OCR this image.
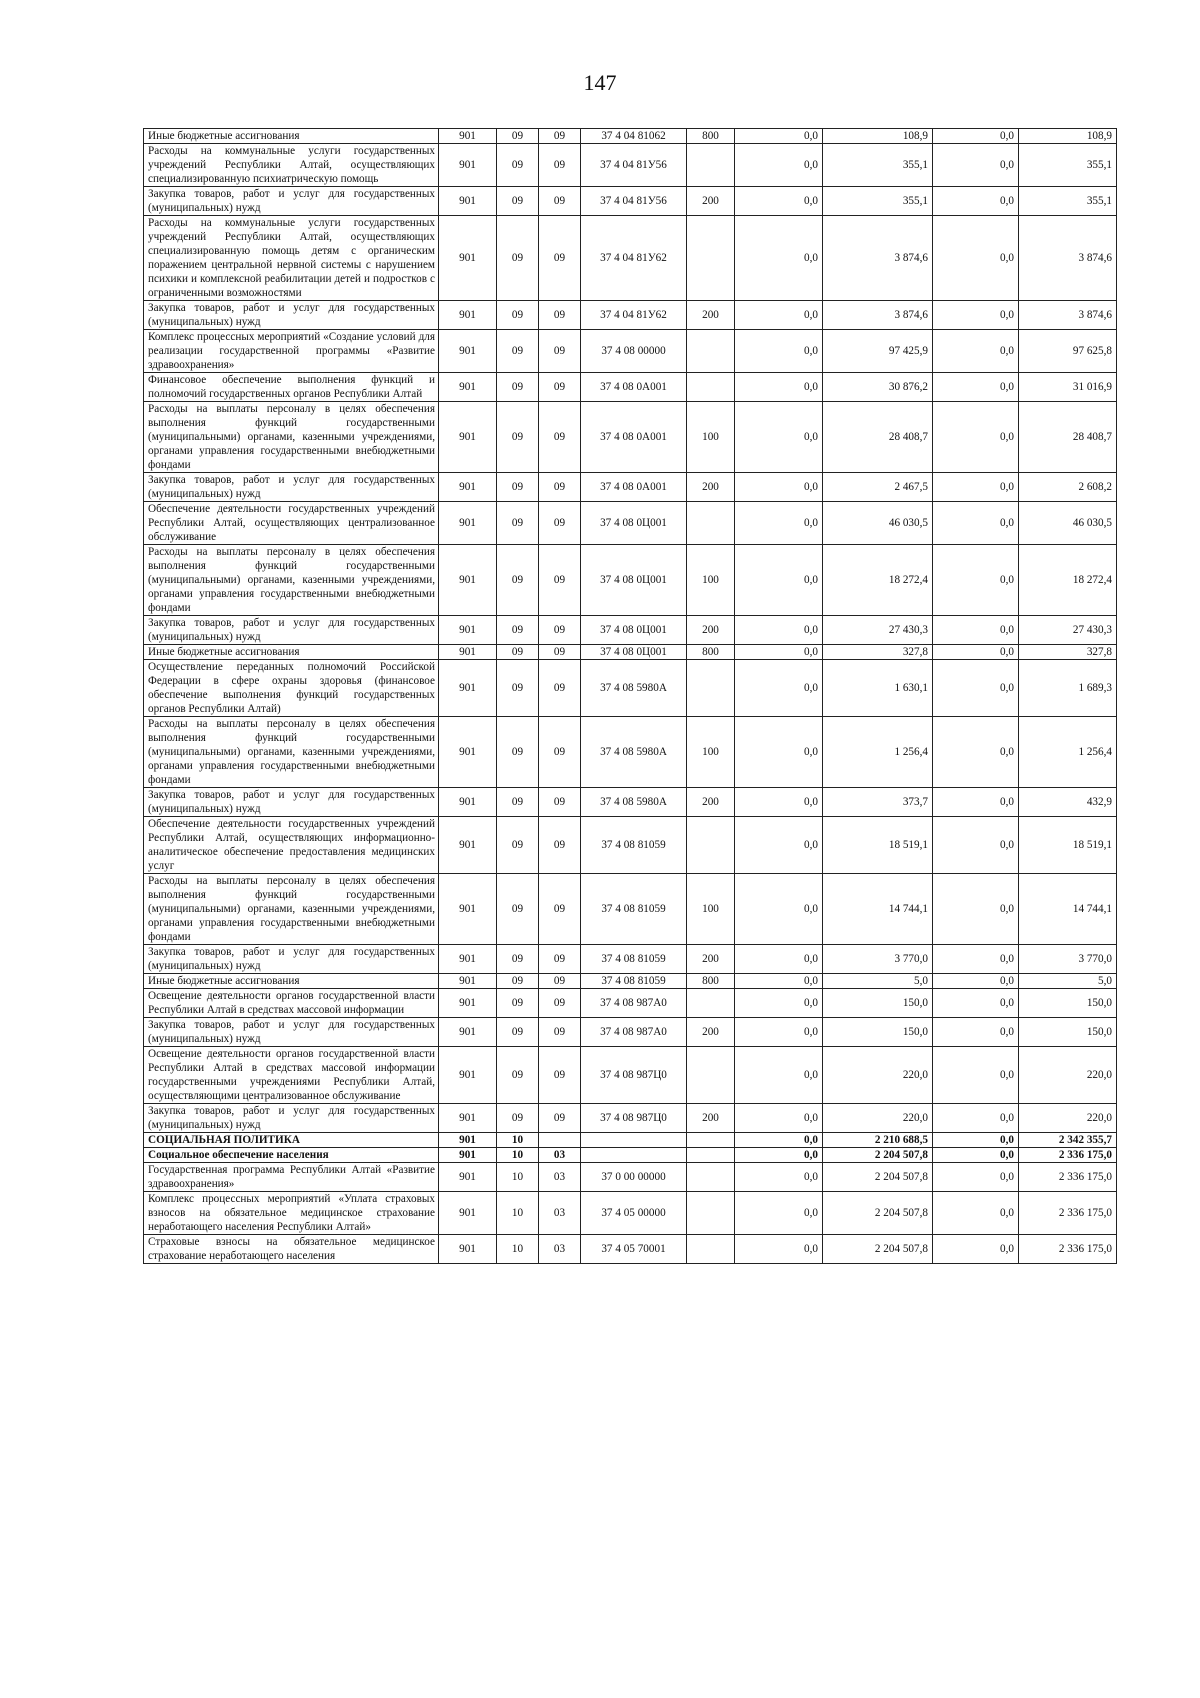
147
Иные бюджетные ассигнования	901	09	09	37 4 04 81062	800	0,0	108,9	0,0	108,9
Расходы на коммунальные услуги государственных учреждений Республики Алтай, осуществляющих специализированную психиатрическую помощь	901	09	09	37 4 04 81У56		0,0	355,1	0,0	355,1
Закупка товаров, работ и услуг для государственных (муниципальных) нужд	901	09	09	37 4 04 81У56	200	0,0	355,1	0,0	355,1
Расходы на коммунальные услуги государственных учреждений Республики Алтай, осуществляющих специализированную помощь детям с органическим поражением центральной нервной системы с нарушением психики и комплексной реабилитации детей и подростков с ограниченными возможностями	901	09	09	37 4 04 81У62		0,0	3 874,6	0,0	3 874,6
Закупка товаров, работ и услуг для государственных (муниципальных) нужд	901	09	09	37 4 04 81У62	200	0,0	3 874,6	0,0	3 874,6
Комплекс процессных мероприятий «Создание условий для реализации государственной программы «Развитие здравоохранения»	901	09	09	37 4 08 00000		0,0	97 425,9	0,0	97 625,8
Финансовое обеспечение выполнения функций и полномочий государственных органов Республики Алтай	901	09	09	37 4 08 0А001		0,0	30 876,2	0,0	31 016,9
Расходы на выплаты персоналу в целях обеспечения выполнения функций государственными (муниципальными) органами, казенными учреждениями, органами управления государственными внебюджетными фондами	901	09	09	37 4 08 0А001	100	0,0	28 408,7	0,0	28 408,7
Закупка товаров, работ и услуг для государственных (муниципальных) нужд	901	09	09	37 4 08 0А001	200	0,0	2 467,5	0,0	2 608,2
Обеспечение деятельности государственных учреждений Республики Алтай, осуществляющих централизованное обслуживание	901	09	09	37 4 08 0Ц001		0,0	46 030,5	0,0	46 030,5
Расходы на выплаты персоналу в целях обеспечения выполнения функций государственными (муниципальными) органами, казенными учреждениями, органами управления государственными внебюджетными фондами	901	09	09	37 4 08 0Ц001	100	0,0	18 272,4	0,0	18 272,4
Закупка товаров, работ и услуг для государственных (муниципальных) нужд	901	09	09	37 4 08 0Ц001	200	0,0	27 430,3	0,0	27 430,3
Иные бюджетные ассигнования	901	09	09	37 4 08 0Ц001	800	0,0	327,8	0,0	327,8
Осуществление переданных полномочий Российской Федерации в сфере охраны здоровья (финансовое обеспечение выполнения функций государственных органов Республики Алтай)	901	09	09	37 4 08 5980А		0,0	1 630,1	0,0	1 689,3
Расходы на выплаты персоналу в целях обеспечения выполнения функций государственными (муниципальными) органами, казенными учреждениями, органами управления государственными внебюджетными фондами	901	09	09	37 4 08 5980А	100	0,0	1 256,4	0,0	1 256,4
Закупка товаров, работ и услуг для государственных (муниципальных) нужд	901	09	09	37 4 08 5980А	200	0,0	373,7	0,0	432,9
Обеспечение деятельности государственных учреждений Республики Алтай, осуществляющих информационно-аналитическое обеспечение предоставления медицинских услуг	901	09	09	37 4 08 81059		0,0	18 519,1	0,0	18 519,1
Расходы на выплаты персоналу в целях обеспечения выполнения функций государственными (муниципальными) органами, казенными учреждениями, органами управления государственными внебюджетными фондами	901	09	09	37 4 08 81059	100	0,0	14 744,1	0,0	14 744,1
Закупка товаров, работ и услуг для государственных (муниципальных) нужд	901	09	09	37 4 08 81059	200	0,0	3 770,0	0,0	3 770,0
Иные бюджетные ассигнования	901	09	09	37 4 08 81059	800	0,0	5,0	0,0	5,0
Освещение деятельности органов государственной власти Республики Алтай в средствах массовой информации	901	09	09	37 4 08 987А0		0,0	150,0	0,0	150,0
Закупка товаров, работ и услуг для государственных (муниципальных) нужд	901	09	09	37 4 08 987А0	200	0,0	150,0	0,0	150,0
Освещение деятельности органов государственной власти Республики Алтай в средствах массовой информации государственными учреждениями Республики Алтай, осуществляющими централизованное обслуживание	901	09	09	37 4 08 987Ц0		0,0	220,0	0,0	220,0
Закупка товаров, работ и услуг для государственных (муниципальных) нужд	901	09	09	37 4 08 987Ц0	200	0,0	220,0	0,0	220,0
СОЦИАЛЬНАЯ ПОЛИТИКА	901	10				0,0	2 210 688,5	0,0	2 342 355,7
Социальное обеспечение населения	901	10	03			0,0	2 204 507,8	0,0	2 336 175,0
Государственная программа Республики Алтай «Развитие здравоохранения»	901	10	03	37 0 00 00000		0,0	2 204 507,8	0,0	2 336 175,0
Комплекс процессных мероприятий «Уплата страховых взносов на обязательное медицинское страхование неработающего населения Республики Алтай»	901	10	03	37 4 05 00000		0,0	2 204 507,8	0,0	2 336 175,0
Страховые взносы на обязательное медицинское страхование неработающего населения	901	10	03	37 4 05 70001		0,0	2 204 507,8	0,0	2 336 175,0
